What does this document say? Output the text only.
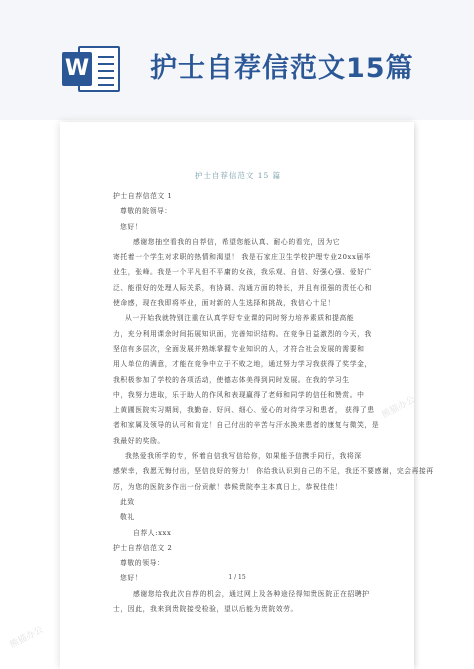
W 护士自荐信范文15篇
熊猫办公
熊猫办公
护士自荐信范文 15 篇
护士自荐信范文 1
尊敬的院领导：
您好！
感谢您抽空看我的自荐信，希望您能认真、耐心的看完，因为它
寄托着一个学生对求职的热情和渴望！ 我是石家庄卫生学校护理专业20xx届毕
业生，张峰。我是一个平凡但不平庸的女孩，我乐观、自信、好强心强、爱好广
泛、能很好的处理人际关系，有协调、沟通方面的特长，并且有很强的责任心和
使命感，现在我即将毕业，面对新的人生选择和挑战，我信心十足！
从一开始我就特别注重在认真学好专业课的同时努力培养素质和提高能
力，充分利用课余时间拓展知识面，完善知识结构。在竞争日益激烈的今天，我
坚信有多层次，全面发展并熟练掌握专业知识的人，才符合社会发展的需要和
用人单位的满意，才能在竞争中立于不败之地，通过努力学习我获得了奖学金，
我积极参加了学校的各项活动，使德志体美得到同时发展。在我的学习生
中，我努力进取，乐于助人的作风和表现赢得了老师和同学的信任和赞赏。中
上黄圃医院实习期间，我勤奋、好问、细心、爱心的对待学习和患者， 获得了患
者和家属及领导的认可和肯定！自己付出的辛苦与汗水换来患者的康复与微笑，是
我最好的奖励。
我热爱我所学的专，怀着自信我写信给你，如果能予信携手同行，我将深
感荣幸，我愿无悔付出，坚信良好的努力！ 你给我认识到自己的不足，我还不要感谢，完会再接再
厉，为您的医院多作出一份贡献！恭候贵院李主本真日上，恭祝佳佳！
此致
敬礼
自荐人:xxx
护士自荐信范文 2
尊敬的领导：
您好！
感谢您给我此次自荐的机会，通过网上及各种途径得知贵医院正在招聘护
士，因此，我来到贵院接受检验，望以后能为贵院效劳。
1 / 15
